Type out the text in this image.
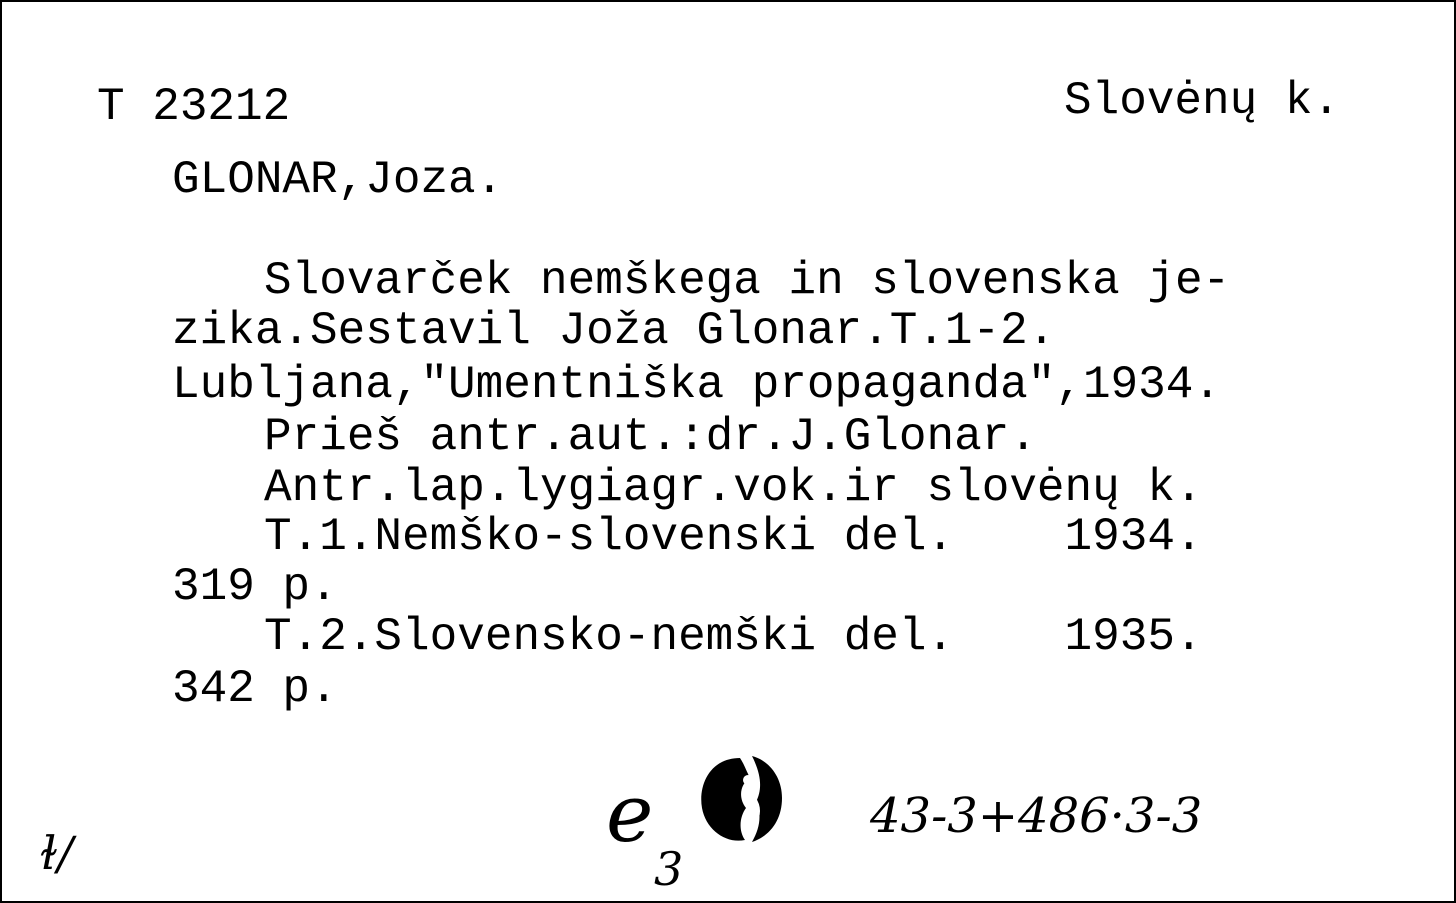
T 23212	Slovėnų k.
GLONAR,Joza.
Slovarček nemškega in slovenska je-
zika.Sestavil Joža Glonar.T.1-2.
Lubljana,"Umentniška propaganda",1934.
Prieš antr.aut.:dr.J.Glonar.
Antr.lap.lygiagr.vok.ir slovėnų k.
T.1.Nemško-slovenski del.    1934.
319 p.
T.2.Slovensko-nemški del.    1935.
342 p.
ɫ/	e
3
43-3+486·3-3
